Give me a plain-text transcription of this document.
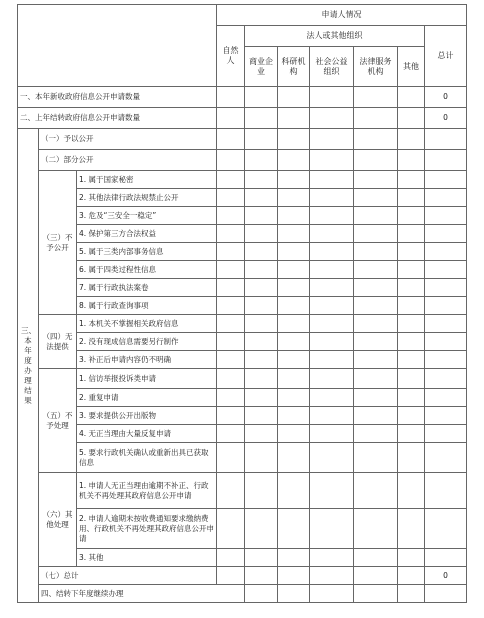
			申请人情况							
			自然人	法人或其他组织					总计	
				商业企业	科研机构	社会公益组织	法律服务机构	其他		
一、本年新收政府信息公开申请数量									0	
二、上年结转政府信息公开申请数量									0	
三、本年度办理结果	（一）予以公开									
	（二）部分公开									
	（三）不予公开	1. 属于国家秘密								
		2. 其他法律行政法规禁止公开								
		3. 危及“三安全一稳定”								
		4. 保护第三方合法权益								
		5. 属于三类内部事务信息								
		6. 属于四类过程性信息								
		7. 属于行政执法案卷								
		8. 属于行政查询事项								
	（四）无法提供	1. 本机关不掌握相关政府信息								
		2. 没有现成信息需要另行制作								
		3. 补正后申请内容仍不明确								
	（五）不予处理	1. 信访举报投诉类申请								
		2. 重复申请								
		3. 要求提供公开出版物								
		4. 无正当理由大量反复申请								
		5. 要求行政机关确认或重新出具已获取信息								
	（六）其他处理	1. 申请人无正当理由逾期不补正、行政机关不再处理其政府信息公开申请								
		2. 申请人逾期未按收费通知要求缴纳费用、行政机关不再处理其政府信息公开申请								
		3. 其他								
	（七）总计								0	
	四、结转下年度继续办理							
